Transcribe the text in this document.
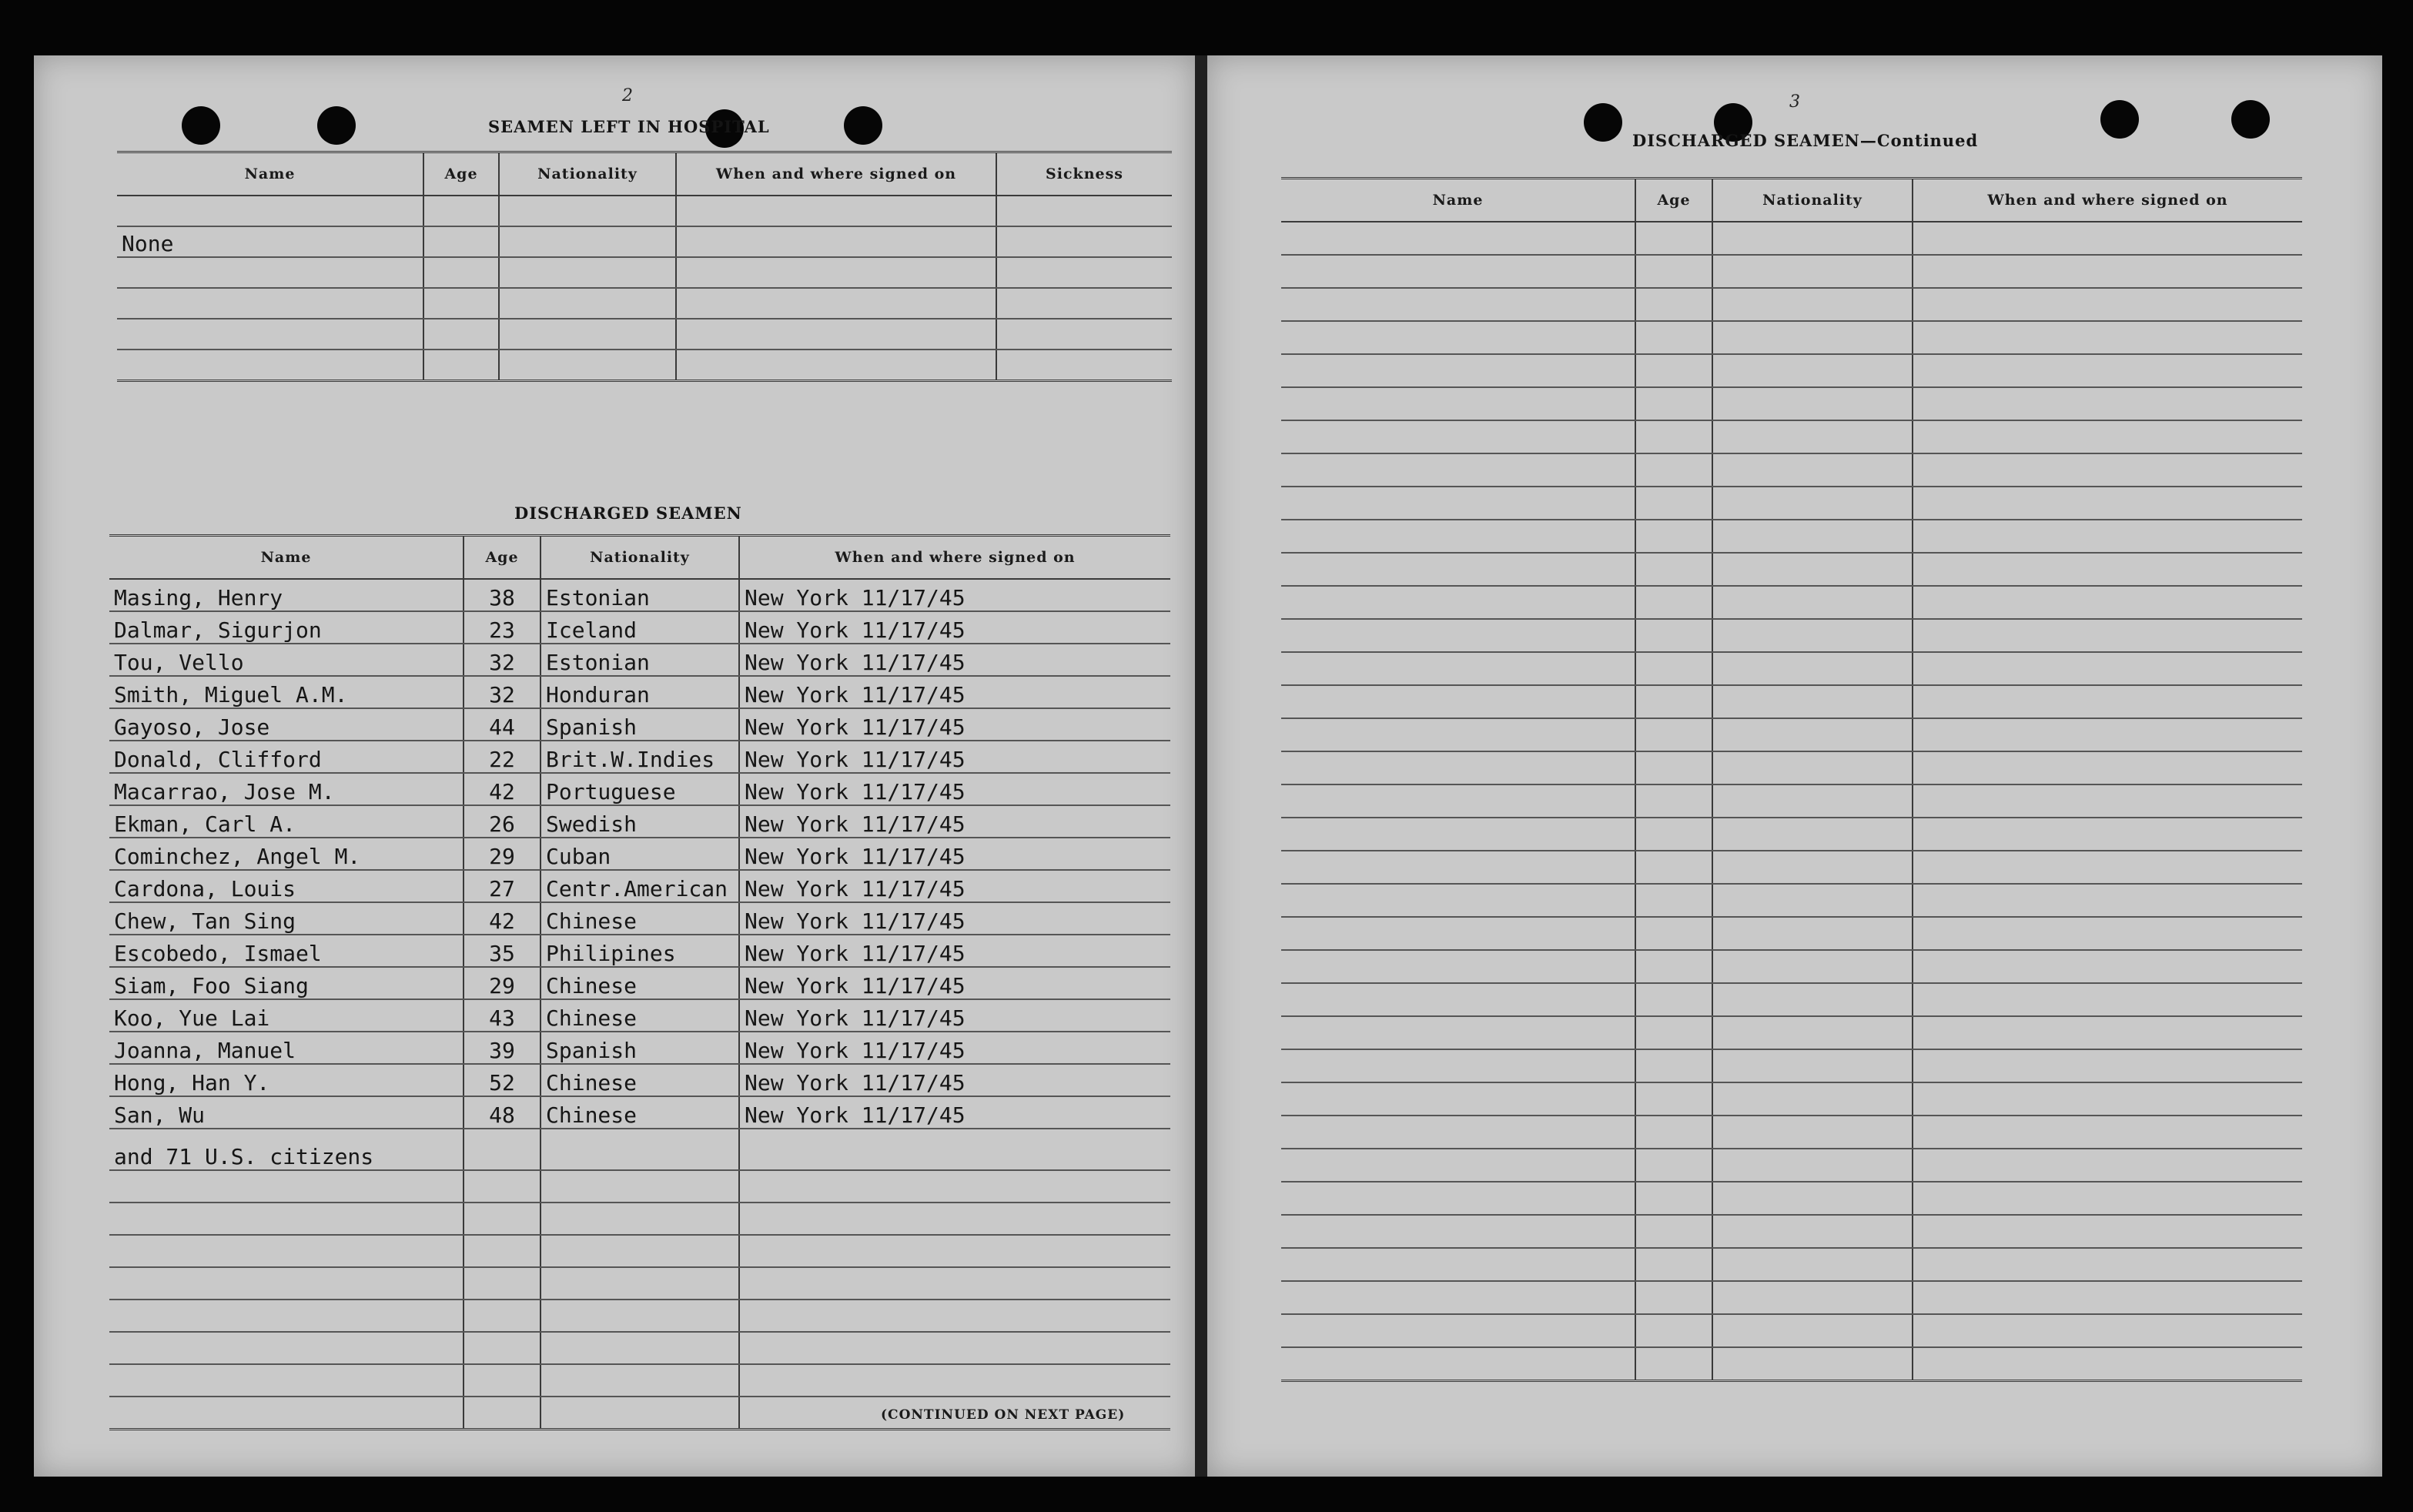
2
SEAMEN LEFT IN HOSPITAL
Name	Age	Nationality	When and where signed on	Sickness

None				

DISCHARGED SEAMEN
Name	Age	Nationality	When and where signed on
Masing, Henry	38	Estonian	New York 11/17/45
Dalmar, Sigurjon	23	Iceland	New York 11/17/45
Tou, Vello	32	Estonian	New York 11/17/45
Smith, Miguel A.M.	32	Honduran	New York 11/17/45
Gayoso, Jose	44	Spanish	New York 11/17/45
Donald, Clifford	22	Brit.W.Indies	New York 11/17/45
Macarrao, Jose M.	42	Portuguese	New York 11/17/45
Ekman, Carl A.	26	Swedish	New York 11/17/45
Cominchez, Angel M.	29	Cuban	New York 11/17/45
Cardona, Louis	27	Centr.American	New York 11/17/45
Chew, Tan Sing	42	Chinese	New York 11/17/45
Escobedo, Ismael	35	Philipines	New York 11/17/45
Siam, Foo Siang	29	Chinese	New York 11/17/45
Koo, Yue Lai	43	Chinese	New York 11/17/45
Joanna, Manuel	39	Spanish	New York 11/17/45
Hong, Han Y.	52	Chinese	New York 11/17/45
San, Wu	48	Chinese	New York 11/17/45
and 71 U.S. citizens			

(CONTINUED ON NEXT PAGE)
3
DISCHARGED SEAMEN—Continued
Name	Age	Nationality	When and where signed on
